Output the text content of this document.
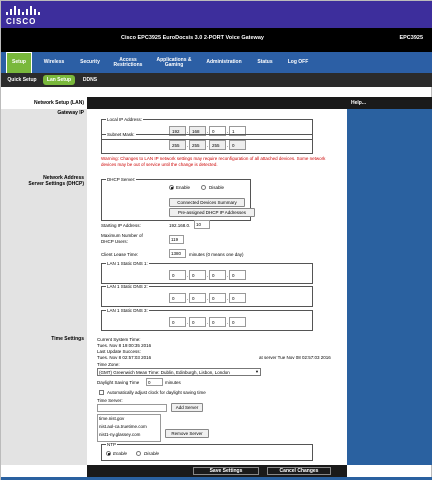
CISCO
Cisco EPC3925 EuroDocsis 3.0 2-PORT Voice Gateway	EPC3925
Setup	Wireless	Security	Access Restrictions
Applications & Gaming	Administration	Status	Log OFF
Quick Setup	Lan Setup	DDNS
Network Setup (LAN)	Help...
Gateway IP
Local IP Address:
192	. 168	. 0	. 1
Subnet Mask:
255	. 255	. 255	. 0
Warning: Changes to LAN IP network settings may require reconfiguration of all attached devices. Some network devices may be out of service until the change is detected.
Network Address
Server Settings (DHCP)
DHCP Server:
Enable	Disable
Connected Devices Summary
Pre-assigned DHCP IP Addresses
Starting IP Address:	192.168.0.	10
Maximum Number of
DHCP Users:	119
Client Lease Time:	1380	minutes (0 means one day)
LAN 1 Static DNS 1:
0	. 0	. 0	. 0
LAN 1 Static DNS 2:
0	. 0	. 0	. 0
LAN 1 Static DNS 3:
0	. 0	. 0	. 0
Time Settings	Current System Time:
Tues. Nov 8 19:00:35 2016
Last Update Success:
Tues. Nov 8 02:57:03 2016	at server Tue Nov 08 02:57:03 2016
Time Zone:
(GMT) Greenwich Mean Time: Dublin, Edinburgh, Lisbon, London	▼
Daylight Saving Time	0	minutes
Automatically adjust clock for daylight saving time
Time Server:
Add Server
time.nist.gov
nist.aol-ca.truetime.com
nist1-ny.glassey.com	Remove Server
NTP
Enable	Disable
Save Settings	Cancel Changes
